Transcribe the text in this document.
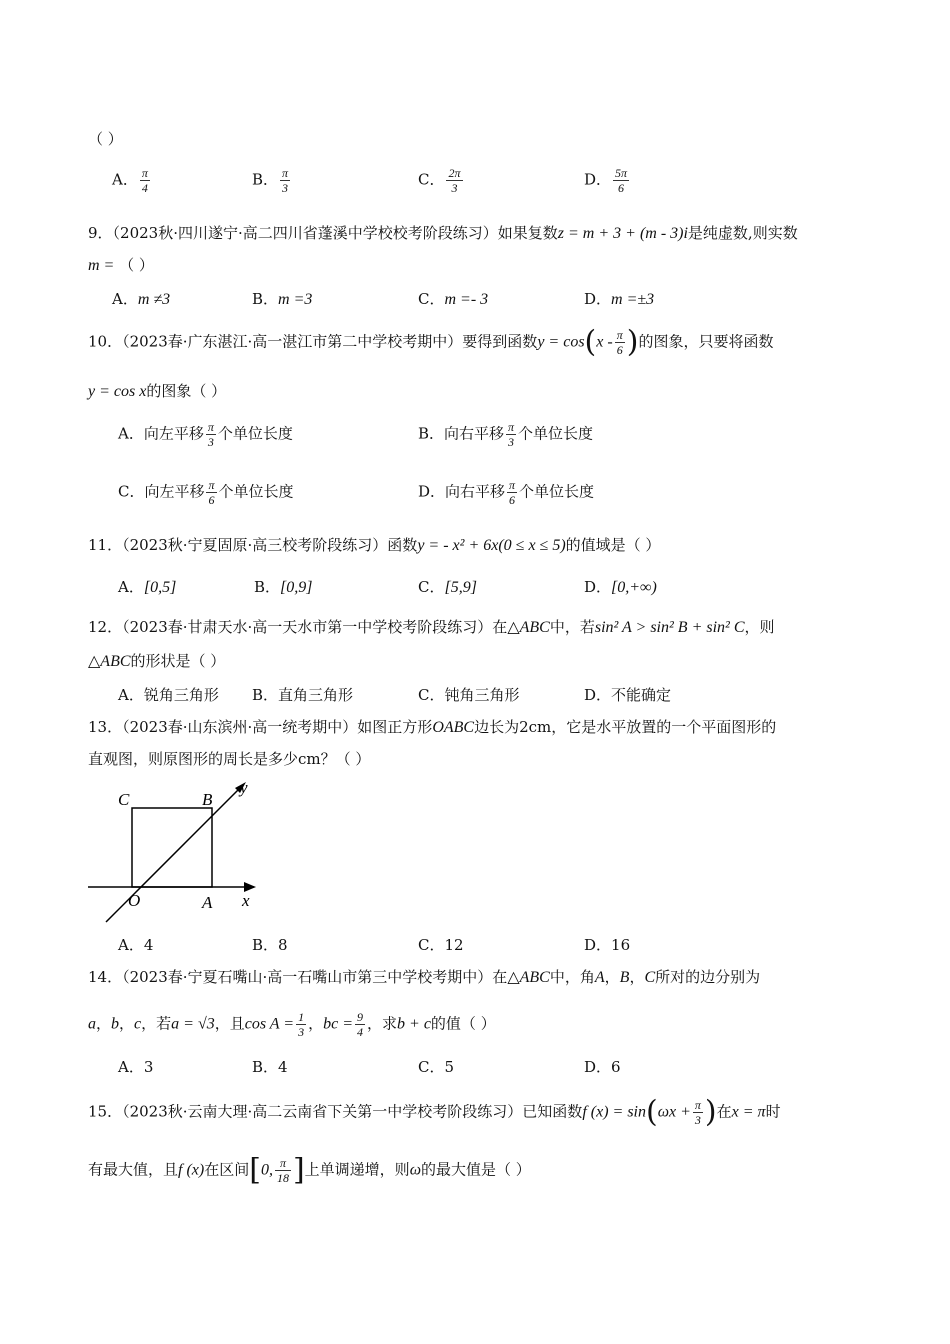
（ ）
A． $\frac{\pi}{4}$	B． $\frac{\pi}{3}$	C． $\frac{2\pi}{3}$	D． $\frac{5\pi}{6}$
9．（2023秋·四川遂宁·高二四川省蓬溪中学校校考阶段练习）如果复数z = m + 3 + (m - 3)i是纯虚数,则实数
m = （ ）
A．m ≠3	B．m =3	C．m =- 3	D．m =±3
10．（2023春·广东湛江·高一湛江市第二中学校考期中）要得到函数$y = \cos(x - \frac{\pi}{6}$ )的图象，只要将函数
y = cos x的图象（ ）
A．向左平移 $\frac{\pi}{3}$ 个单位长度	B．向右平移 $\frac{\pi}{3}$ 个单位长度
C．向左平移 $\frac{\pi}{6}$ 个单位长度	D．向右平移 $\frac{\pi}{6}$ 个单位长度
11．（2023秋·宁夏固原·高三校考阶段练习）函数y = - x² + 6x(0 ≤ x ≤ 5)的值域是（ ）
A．[0,5]	B．[0,9]	C．[5,9]	D．[0,+∞)
12．（2023春·甘肃天水·高一天水市第一中学校考阶段练习）在△ABC中，若sin² A > sin² B + sin² C，则
△ABC的形状是（ ）
A．锐角三角形 B．直角三角形	C．钝角三角形	D．不能确定
13．（2023春·山东滨州·高一统考期中）如图正方形OABC边长为2cm，它是水平放置的一个平面图形的
直观图，则原图形的周长是多少cm？（ ）
C	B
y
O	A x
A．4	B．8	C．12	D．16
14．（2023春·宁夏石嘴山·高一石嘴山市第三中学校考期中）在△ABC中，角A，B，C所对的边分别为
a，b，c，若a = √3，且$\cos A = \frac{1}{3}$ ，bc = $\frac{9}{4}$ ，求b + c的值（ ）
A．3	B．4	C．5	D．6
15．（2023秋·云南大理·高二云南省下关第一中学校考阶段练习）已知函数f $(x) = \sin(\omega x + \frac{\pi}{3}$ )在x = π时
有最大值，且f (x)在区间[0, $\frac{\pi}{18}$ ]上单调递增，则ω的最大值是（ ）
